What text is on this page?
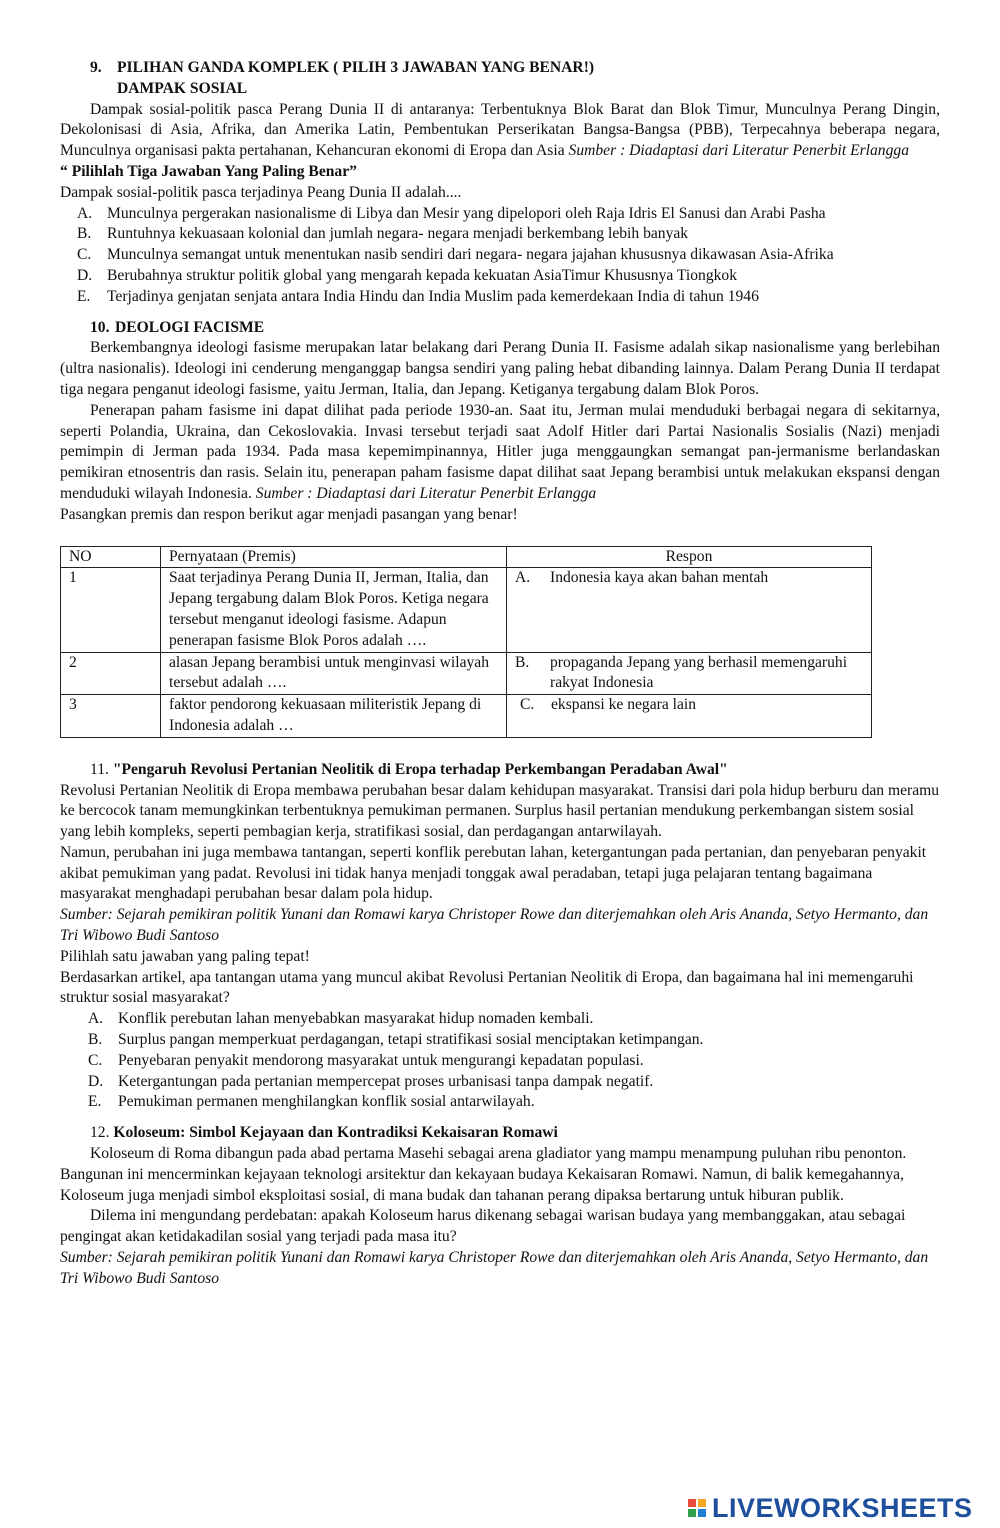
9. PILIHAN GANDA KOMPLEK ( PILIH 3 JAWABAN YANG BENAR!)

DAMPAK SOSIAL

Dampak sosial-politik pasca Perang Dunia II di antaranya: Terbentuknya Blok Barat dan Blok Timur, Munculnya Perang Dingin, Dekolonisasi di Asia, Afrika, dan Amerika Latin, Pembentukan Perserikatan Bangsa-Bangsa (PBB), Terpecahnya beberapa negara, Munculnya organisasi pakta pertahanan, Kehancuran ekonomi di Eropa dan Asia Sumber : Diadaptasi dari Literatur Penerbit Erlangga

“ Pilihlah Tiga Jawaban Yang Paling Benar”

Dampak sosial-politik pasca terjadinya Peang Dunia II adalah....

A. Munculnya pergerakan nasionalisme di Libya dan Mesir yang dipelopori oleh Raja Idris El Sanusi dan Arabi Pasha
B. Runtuhnya kekuasaan kolonial dan jumlah negara- negara menjadi berkembang lebih banyak
C. Munculnya semangat untuk menentukan nasib sendiri dari negara- negara jajahan khususnya dikawasan Asia-Afrika
D. Berubahnya struktur politik global yang mengarah kepada kekuatan AsiaTimur Khususnya Tiongkok
E. Terjadinya genjatan senjata antara India Hindu dan India Muslim pada kemerdekaan India di tahun 1946

10. DEOLOGI FACISME

Berkembangnya ideologi fasisme merupakan latar belakang dari Perang Dunia II. Fasisme adalah sikap nasionalisme yang berlebihan (ultra nasionalis). Ideologi ini cenderung menganggap bangsa sendiri yang paling hebat dibanding lainnya. Dalam Perang Dunia II terdapat tiga negara penganut ideologi fasisme, yaitu Jerman, Italia, dan Jepang. Ketiganya tergabung dalam Blok Poros.

Penerapan paham fasisme ini dapat dilihat pada periode 1930-an. Saat itu, Jerman mulai menduduki berbagai negara di sekitarnya, seperti Polandia, Ukraina, dan Cekoslovakia. Invasi tersebut terjadi saat Adolf Hitler dari Partai Nasionalis Sosialis (Nazi) menjadi pemimpin di Jerman pada 1934. Pada masa kepemimpinannya, Hitler juga menggaungkan semangat pan-jermanisme berlandaskan pemikiran etnosentris dan rasis. Selain itu, penerapan paham fasisme dapat dilihat saat Jepang berambisi untuk melakukan ekspansi dengan menduduki wilayah Indonesia. Sumber : Diadaptasi dari Literatur Penerbit Erlangga

Pasangkan premis dan respon berikut agar menjadi pasangan yang benar!

NO	Pernyataan (Premis)	Respon
1	Saat terjadinya Perang Dunia II, Jerman, Italia, dan Jepang tergabung dalam Blok Poros. Ketiga negara tersebut menganut ideologi fasisme. Adapun penerapan fasisme Blok Poros adalah ….	A. Indonesia kaya akan bahan mentah

2	alasan Jepang berambisi untuk menginvasi wilayah tersebut adalah ….	B. propaganda Jepang yang berhasil memengaruhi rakyat Indonesia

3	faktor pendorong kekuasaan militeristik Jepang di Indonesia adalah …	C. ekspansi ke negara lain

11. "Pengaruh Revolusi Pertanian Neolitik di Eropa terhadap Perkembangan Peradaban Awal"

Revolusi Pertanian Neolitik di Eropa membawa perubahan besar dalam kehidupan masyarakat. Transisi dari pola hidup berburu dan meramu ke bercocok tanam memungkinkan terbentuknya pemukiman permanen. Surplus hasil pertanian mendukung perkembangan sistem sosial yang lebih kompleks, seperti pembagian kerja, stratifikasi sosial, dan perdagangan antarwilayah.

Namun, perubahan ini juga membawa tantangan, seperti konflik perebutan lahan, ketergantungan pada pertanian, dan penyebaran penyakit akibat pemukiman yang padat. Revolusi ini tidak hanya menjadi tonggak awal peradaban, tetapi juga pelajaran tentang bagaimana masyarakat menghadapi perubahan besar dalam pola hidup.

Sumber: Sejarah pemikiran politik Yunani dan Romawi karya Christoper Rowe dan diterjemahkan oleh Aris Ananda, Setyo Hermanto, dan Tri Wibowo Budi Santoso

Pilihlah satu jawaban yang paling tepat!

Berdasarkan artikel, apa tantangan utama yang muncul akibat Revolusi Pertanian Neolitik di Eropa, dan bagaimana hal ini memengaruhi struktur sosial masyarakat?

A. Konflik perebutan lahan menyebabkan masyarakat hidup nomaden kembali.
B. Surplus pangan memperkuat perdagangan, tetapi stratifikasi sosial menciptakan ketimpangan.
C. Penyebaran penyakit mendorong masyarakat untuk mengurangi kepadatan populasi.
D. Ketergantungan pada pertanian mempercepat proses urbanisasi tanpa dampak negatif.
E. Pemukiman permanen menghilangkan konflik sosial antarwilayah.

12. Koloseum: Simbol Kejayaan dan Kontradiksi Kekaisaran Romawi

Koloseum di Roma dibangun pada abad pertama Masehi sebagai arena gladiator yang mampu menampung puluhan ribu penonton. Bangunan ini mencerminkan kejayaan teknologi arsitektur dan kekayaan budaya Kekaisaran Romawi. Namun, di balik kemegahannya, Koloseum juga menjadi simbol eksploitasi sosial, di mana budak dan tahanan perang dipaksa bertarung untuk hiburan publik.

Dilema ini mengundang perdebatan: apakah Koloseum harus dikenang sebagai warisan budaya yang membanggakan, atau sebagai pengingat akan ketidakadilan sosial yang terjadi pada masa itu?

Sumber: Sejarah pemikiran politik Yunani dan Romawi karya Christoper Rowe dan diterjemahkan oleh Aris Ananda, Setyo Hermanto, dan Tri Wibowo Budi Santoso

LIVEWORKSHEETS
